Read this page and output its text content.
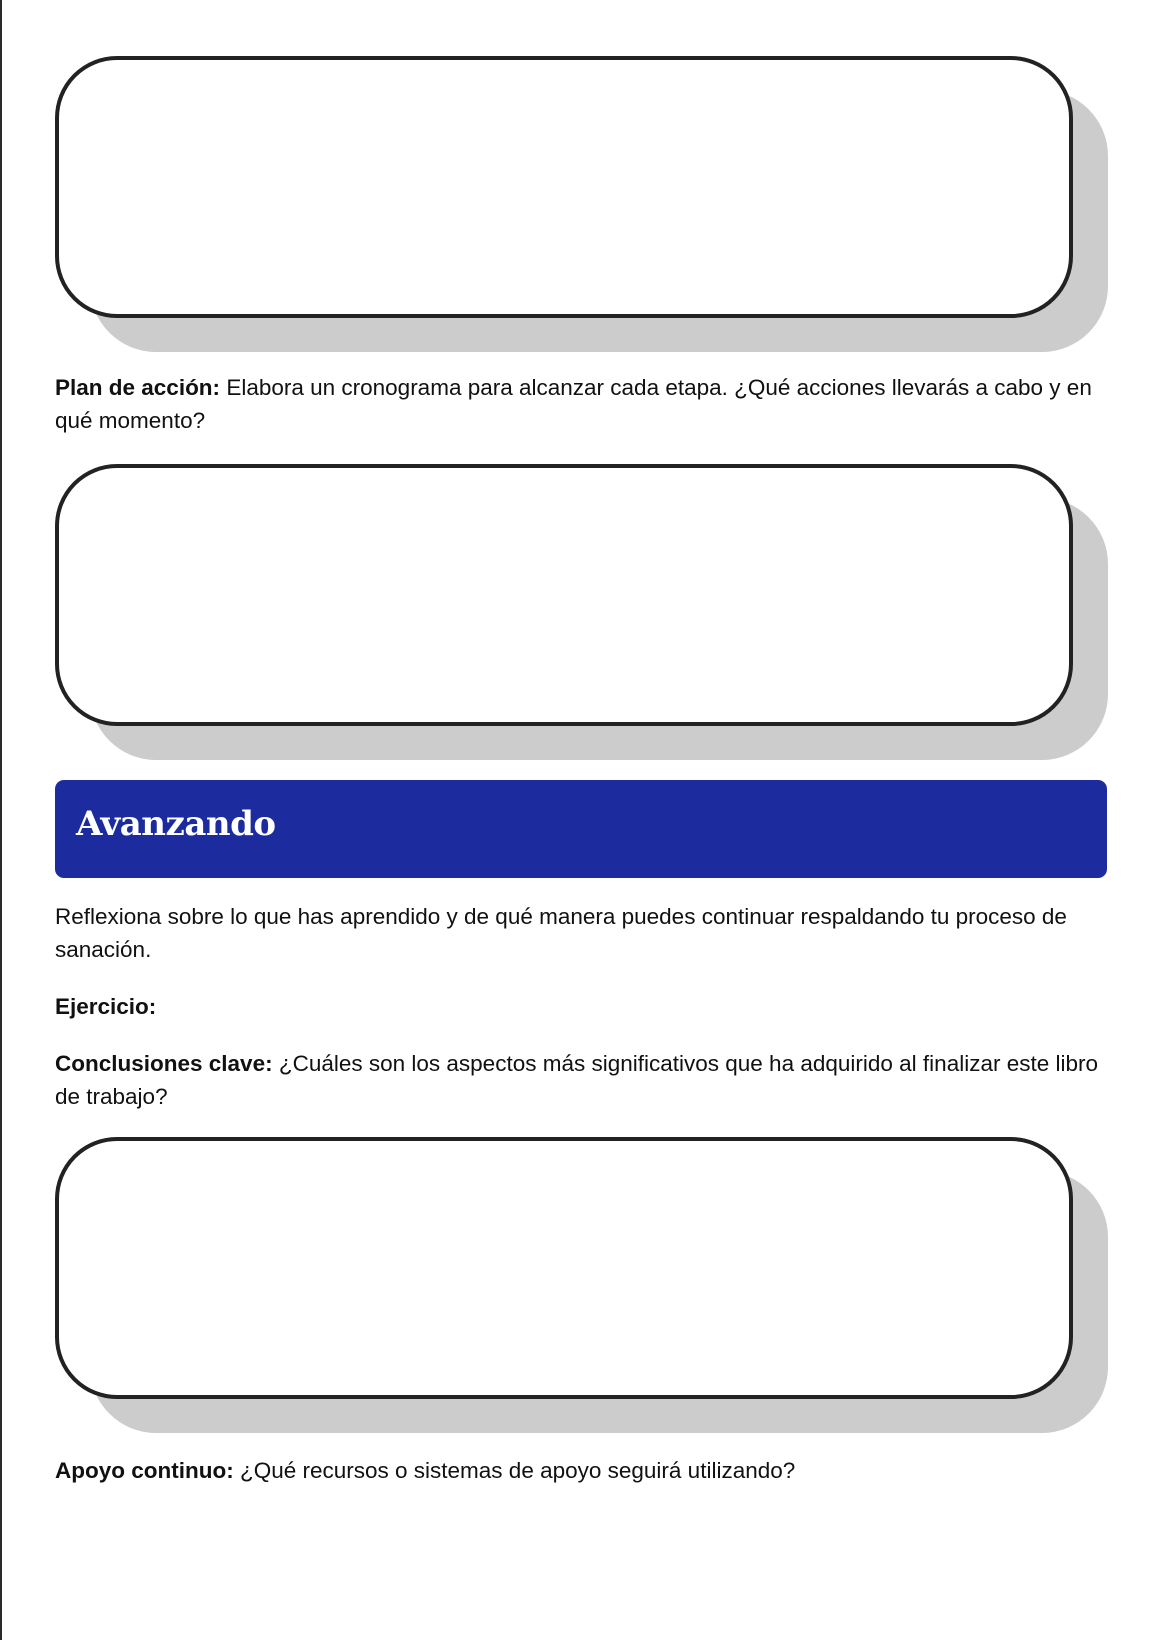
Plan de acción: Elabora un cronograma para alcanzar cada etapa. ¿Qué acciones llevarás a cabo y en qué momento?

Avanzando

Reflexiona sobre lo que has aprendido y de qué manera puedes continuar respaldando tu proceso de sanación.

Ejercicio:

Conclusiones clave: ¿Cuáles son los aspectos más significativos que ha adquirido al finalizar este libro de trabajo?

Apoyo continuo: ¿Qué recursos o sistemas de apoyo seguirá utilizando?
